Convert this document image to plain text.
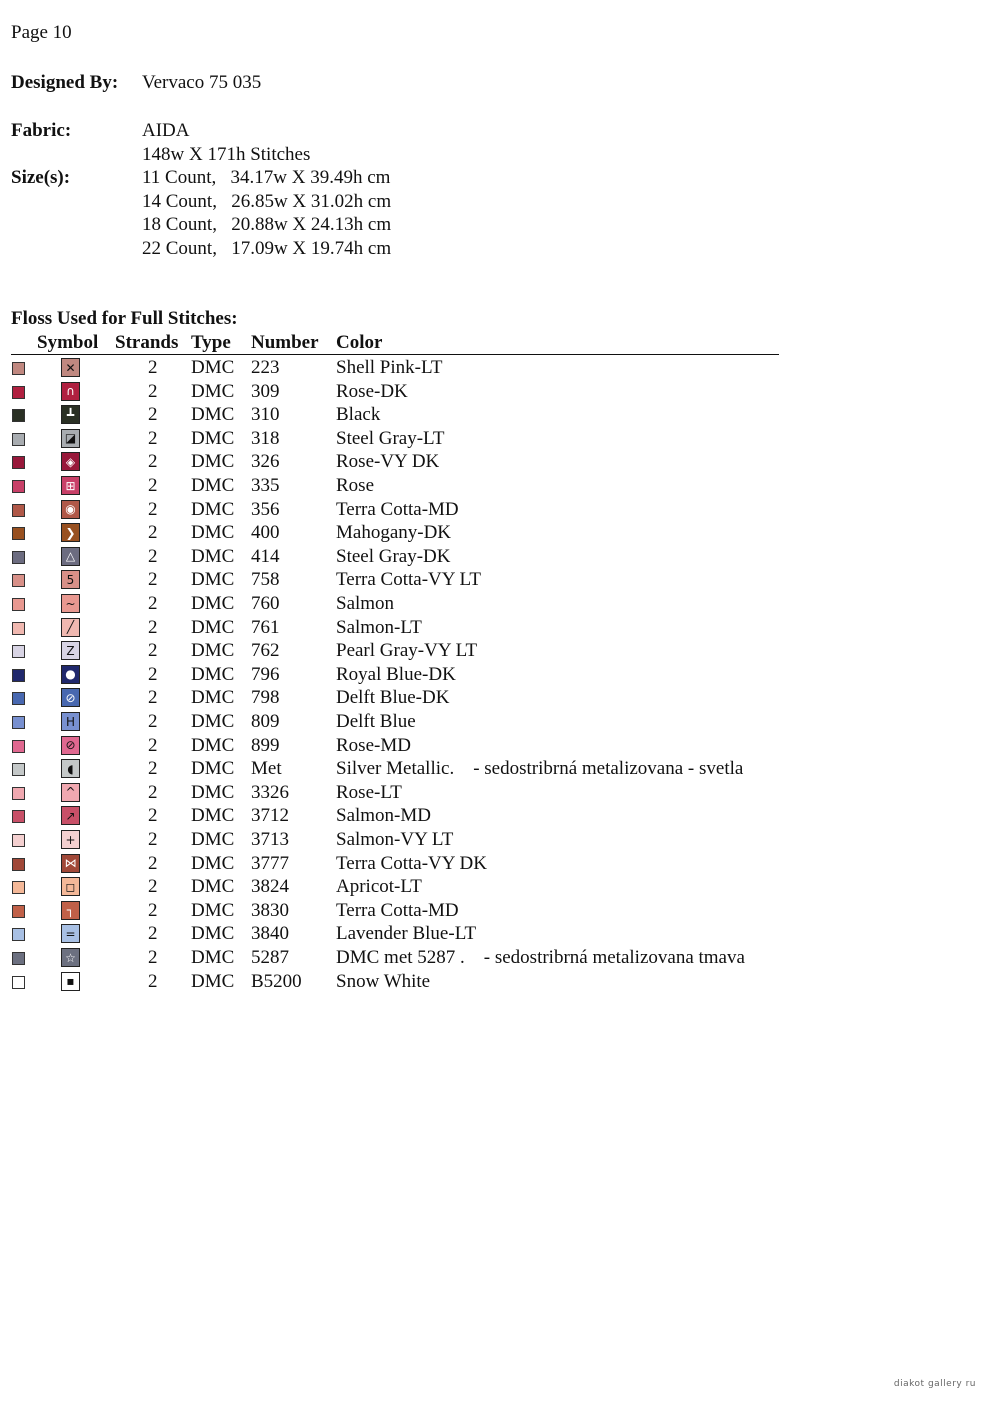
Page 10
Designed By: Vervaco 75 035
Fabric:	AIDA
148w X 171h Stitches
Size(s):	11 Count,   34.17w X 39.49h cm
14 Count,   26.85w X 31.02h cm
18 Count,   20.88w X 24.13h cm
22 Count,   17.09w X 19.74h cm
Floss Used for Full Stitches:
Symbol Strands Type Number Color
✕	2 DMC 223	Shell Pink-LT
∩	2 DMC 309	Rose-DK
┻	2 DMC 310	Black
◪	2 DMC 318	Steel Gray-LT
◈	2 DMC 326	Rose-VY DK
⊞	2 DMC 335	Rose
◉	2 DMC 356	Terra Cotta-MD
❯	2 DMC 400	Mahogany-DK
△	2 DMC 414	Steel Gray-DK
5	2 DMC 758	Terra Cotta-VY LT
~	2 DMC 760	Salmon
╱	2 DMC 761	Salmon-LT
Z	2 DMC 762	Pearl Gray-VY LT
●	2 DMC 796	Royal Blue-DK
⊘	2 DMC 798	Delft Blue-DK
H	2 DMC 809	Delft Blue
⊘	2 DMC 899	Rose-MD
◖	2 DMC Met	Silver Metallic.    - sedostribrná metalizovana - svetla
^	2 DMC 3326 Rose-LT
↗	2 DMC 3712 Salmon-MD
+	2 DMC 3713 Salmon-VY LT
⋈	2 DMC 3777 Terra Cotta-VY DK
◻	2 DMC 3824 Apricot-LT
┐	2 DMC 3830 Terra Cotta-MD
=	2 DMC 3840 Lavender Blue-LT
☆	2 DMC 5287 DMC met 5287 .    - sedostribrná metalizovana tmava
▪	2 DMC B5200 Snow White
diakot gallery ru
